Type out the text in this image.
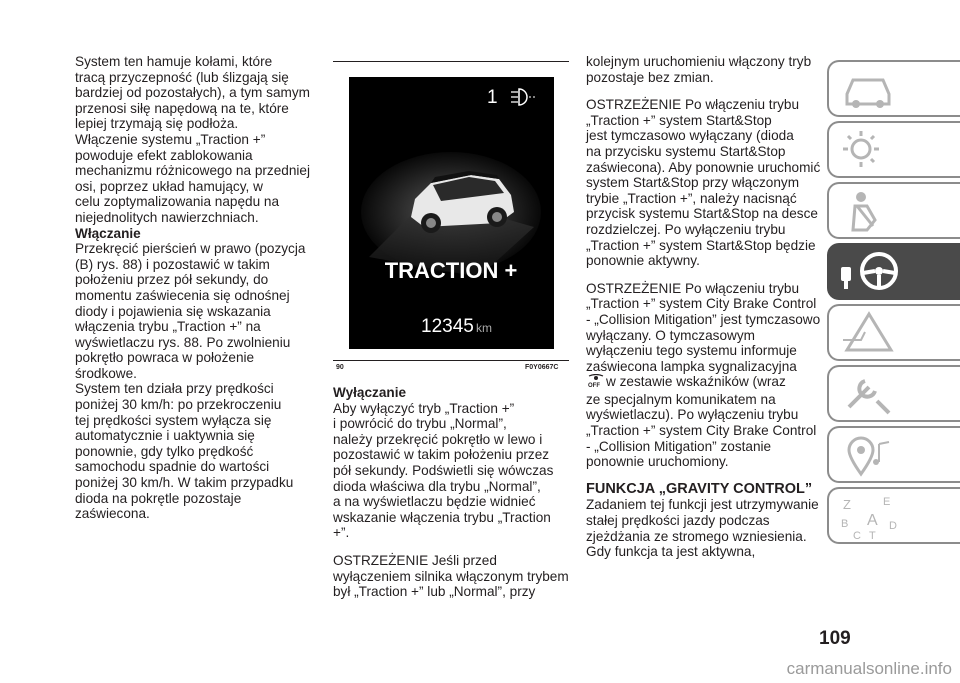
System ten hamuje kołami, które

tracą przyczepność (lub ślizgają się

bardziej od pozostałych), a tym samym

przenosi siłę napędową na te, które

lepiej trzymają się podłoża.

Włączenie systemu „Traction +”

powoduje efekt zablokowania

mechanizmu różnicowego na przedniej

osi, poprzez układ hamujący, w

celu zoptymalizowania napędu na

niejednolitych nawierzchniach.

Włączanie

Przekręcić pierścień w prawo (pozycja

(B) rys. 88) i pozostawić w takim

położeniu przez pół sekundy, do

momentu zaświecenia się odnośnej

diody i pojawienia się wskazania

włączenia trybu „Traction +” na

wyświetlaczu rys. 88. Po zwolnieniu

pokrętło powraca w położenie

środkowe.

System ten działa przy prędkości

poniżej 30 km/h: po przekroczeniu

tej prędkości system wyłącza się

automatycznie i uaktywnia się

ponownie, gdy tylko prędkość

samochodu spadnie do wartości

poniżej 30 km/h. W takim przypadku

dioda na pokrętle pozostaje

zaświecona.

1
TRACTION +
12345 km
90	F0Y0667C

Wyłączanie

Aby wyłączyć tryb „Traction +”

i powrócić do trybu „Normal”,

należy przekręcić pokrętło w lewo i

pozostawić w takim położeniu przez

pół sekundy. Podświetli się wówczas

dioda właściwa dla trybu „Normal”,

a na wyświetlaczu będzie widnieć

wskazanie włączenia trybu „Traction +”.

OSTRZEŻENIE Jeśli przed

wyłączeniem silnika włączonym trybem

był „Traction +” lub „Normal”, przy

kolejnym uruchomieniu włączony tryb

pozostaje bez zmian.

OSTRZEŻENIE Po włączeniu trybu

„Traction +” system Start&Stop

jest tymczasowo wyłączany (dioda

na przycisku systemu Start&Stop

zaświecona). Aby ponownie uruchomić

system Start&Stop przy włączonym

trybie „Traction +”, należy nacisnąć

przycisk systemu Start&Stop na desce

rozdzielczej. Po wyłączeniu trybu

„Traction +” system Start&Stop będzie

ponownie aktywny.

OSTRZEŻENIE Po włączeniu trybu

„Traction +” system City Brake Control

- „Collision Mitigation” jest tymczasowo

wyłączany. O tymczasowym

wyłączeniu tego systemu informuje

zaświecona lampka sygnalizacyjna

OFF w zestawie wskaźników (wraz

ze specjalnym komunikatem na

wyświetlaczu). Po wyłączeniu trybu

„Traction +” system City Brake Control

- „Collision Mitigation” zostanie

ponownie uruchomiony.

FUNKCJA „GRAVITY CONTROL”

Zadaniem tej funkcji jest utrzymywanie

stałej prędkości jazdy podczas

zjeżdżania ze stromego wzniesienia.

Gdy funkcja ta jest aktywna,

Z	E
B A D
C T
109
carmanualsonline.info
